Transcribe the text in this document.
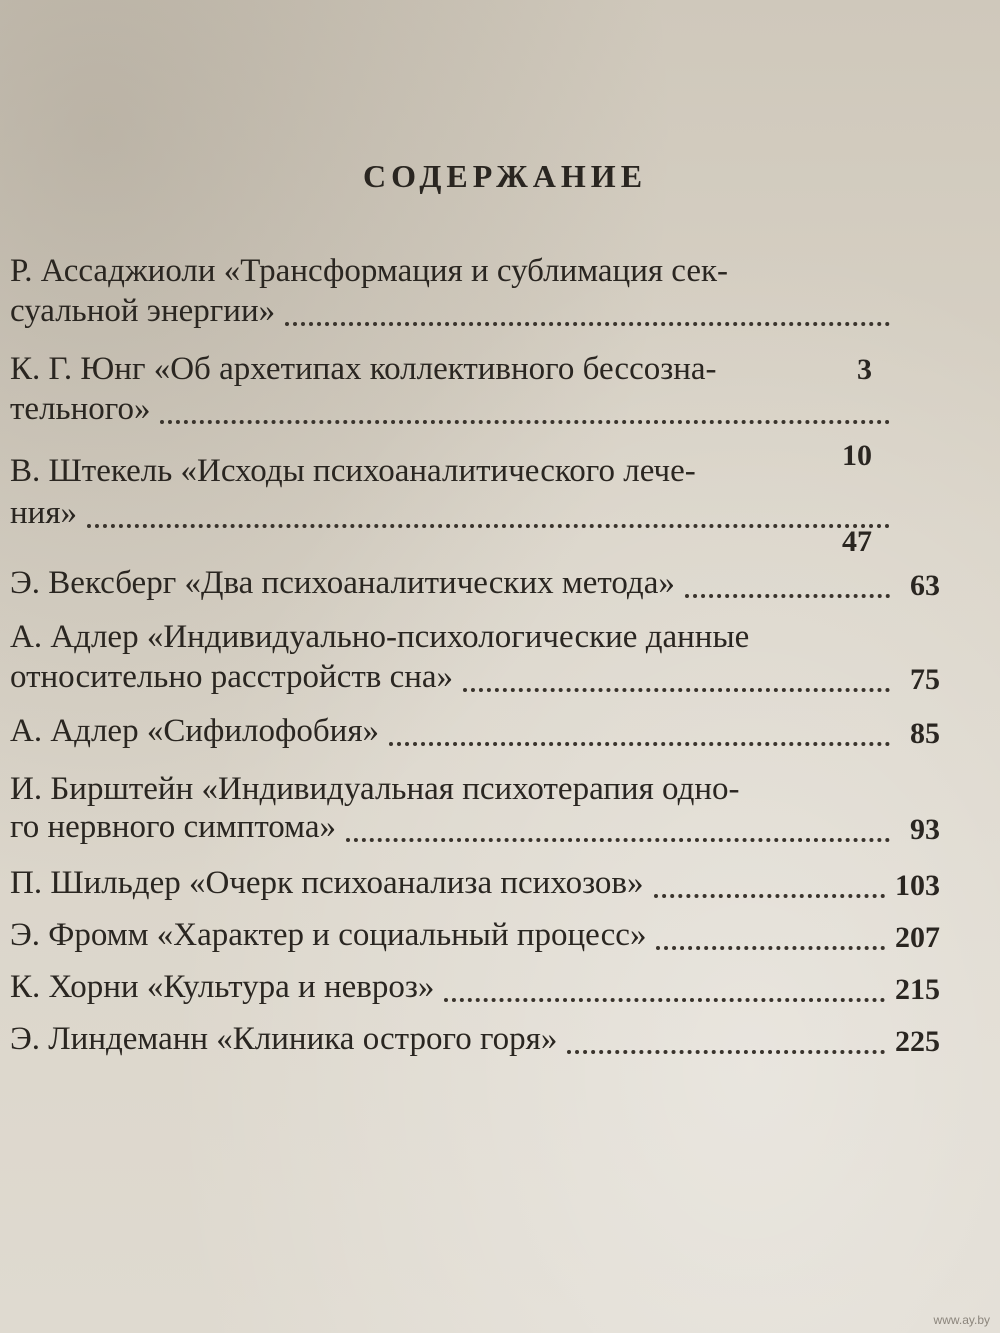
СОДЕРЖАНИЕ
Р. Ассаджиоли «Трансформация и сублимация сек-
суальной энергии»
3
К. Г. Юнг «Об архетипах коллективного бессозна-
тельного»
10
В. Штекель «Исходы психоаналитического лече-
ния»
47
Э. Вексберг «Два психоаналитических метода»	63
А. Адлер «Индивидуально-психологические данные
относительно расстройств сна»	75
А. Адлер «Сифилофобия»	85
И. Бирштейн «Индивидуальная психотерапия одно-
го нервного симптома»	93
П. Шильдер «Очерк психоанализа психозов»	103
Э. Фромм «Характер и социальный процесс»	207
К. Хорни «Культура и невроз»	215
Э. Линдеманн «Клиника острого горя»	225
www.ay.by
